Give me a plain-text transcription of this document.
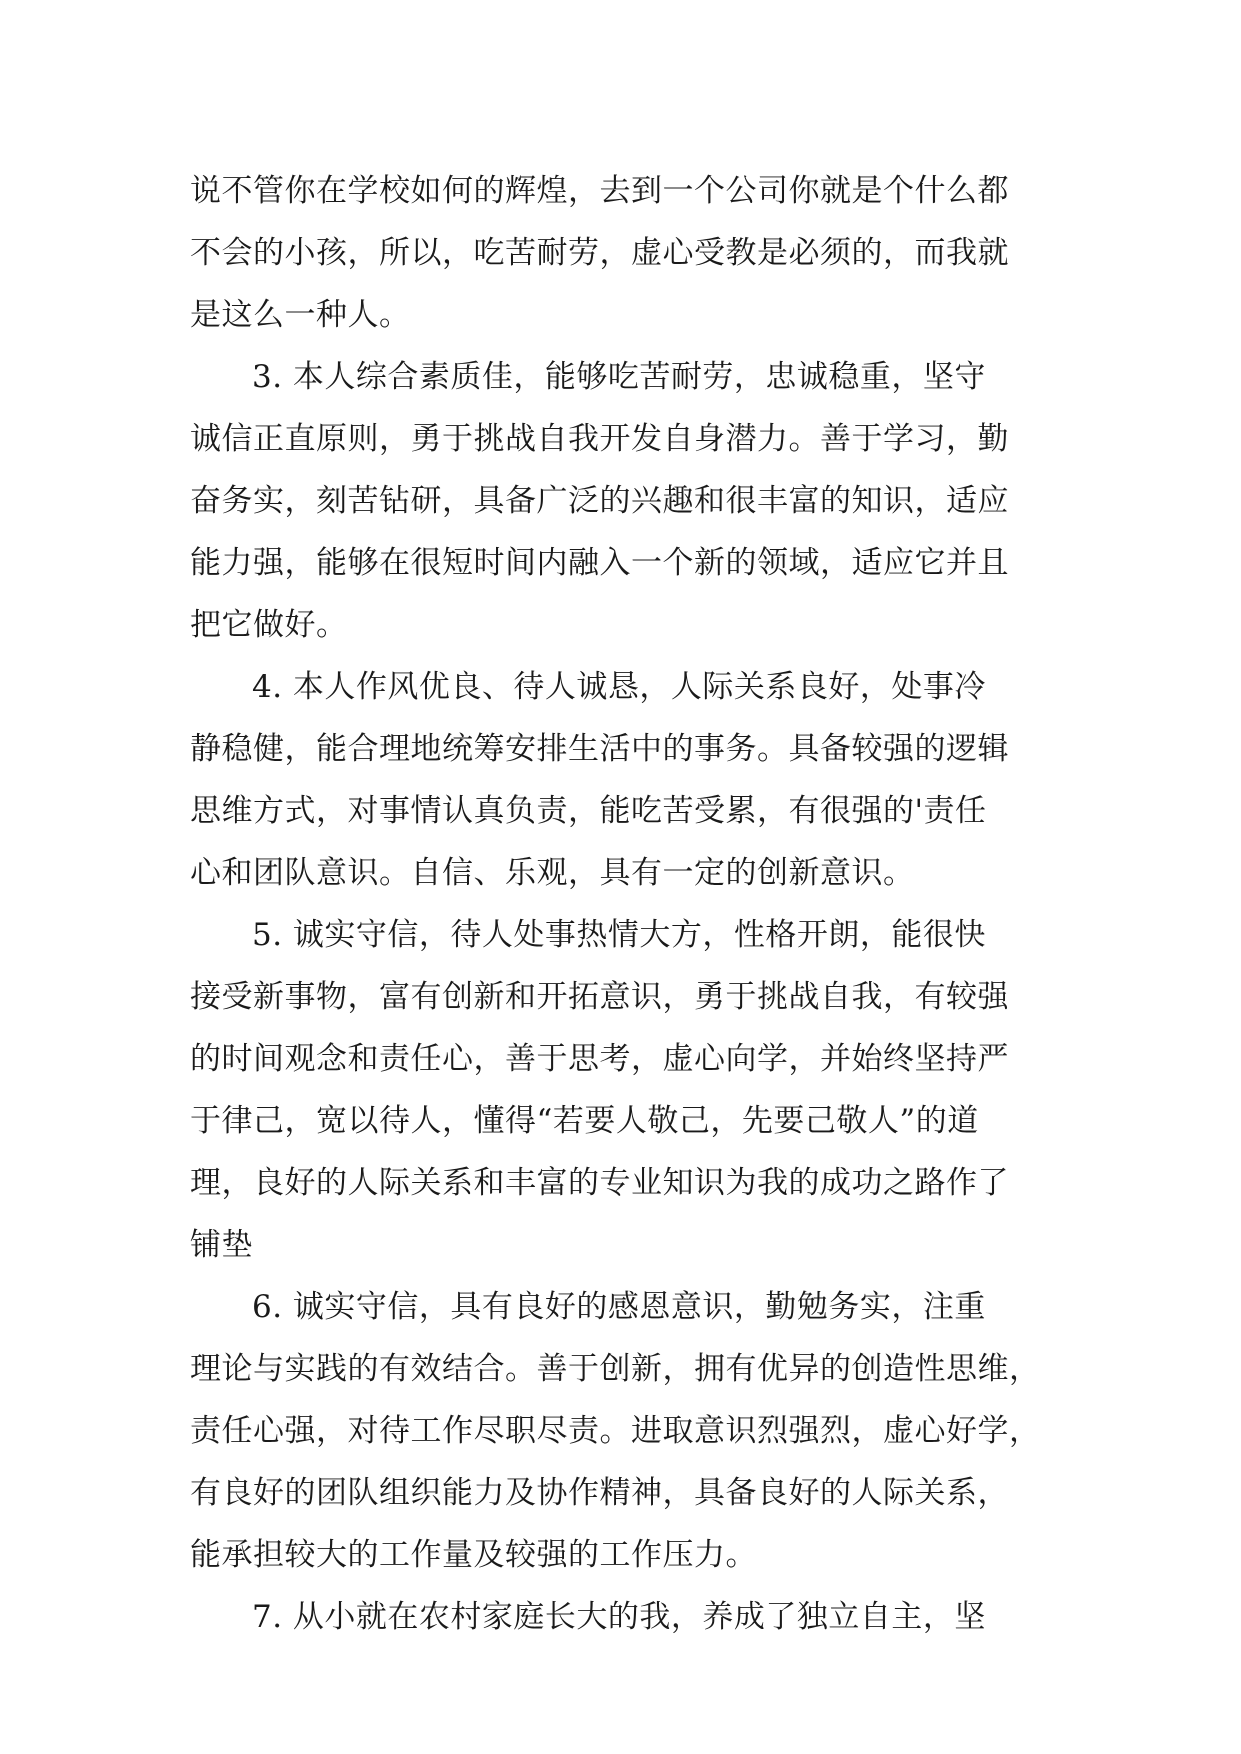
说不管你在学校如何的辉煌，去到一个公司你就是个什么都
不会的小孩，所以，吃苦耐劳，虚心受教是必须的，而我就
是这么一种人。
3. 本人综合素质佳，能够吃苦耐劳，忠诚稳重，坚守
诚信正直原则，勇于挑战自我开发自身潜力。善于学习，勤
奋务实，刻苦钻研，具备广泛的兴趣和很丰富的知识，适应
能力强，能够在很短时间内融入一个新的领域，适应它并且
把它做好。
4. 本人作风优良、待人诚恳，人际关系良好，处事冷
静稳健，能合理地统筹安排生活中的事务。具备较强的逻辑
思维方式，对事情认真负责，能吃苦受累，有很强的'责任
心和团队意识。自信、乐观，具有一定的创新意识。
5. 诚实守信，待人处事热情大方，性格开朗，能很快
接受新事物，富有创新和开拓意识，勇于挑战自我，有较强
的时间观念和责任心，善于思考，虚心向学，并始终坚持严
于律己，宽以待人，懂得“若要人敬己，先要己敬人”的道
理，良好的人际关系和丰富的专业知识为我的成功之路作了
铺垫
6. 诚实守信，具有良好的感恩意识，勤勉务实，注重
理论与实践的有效结合。善于创新，拥有优异的创造性思维，
责任心强，对待工作尽职尽责。进取意识烈强烈，虚心好学，
有良好的团队组织能力及协作精神，具备良好的人际关系，
能承担较大的工作量及较强的工作压力。
7. 从小就在农村家庭长大的我，养成了独立自主，坚
